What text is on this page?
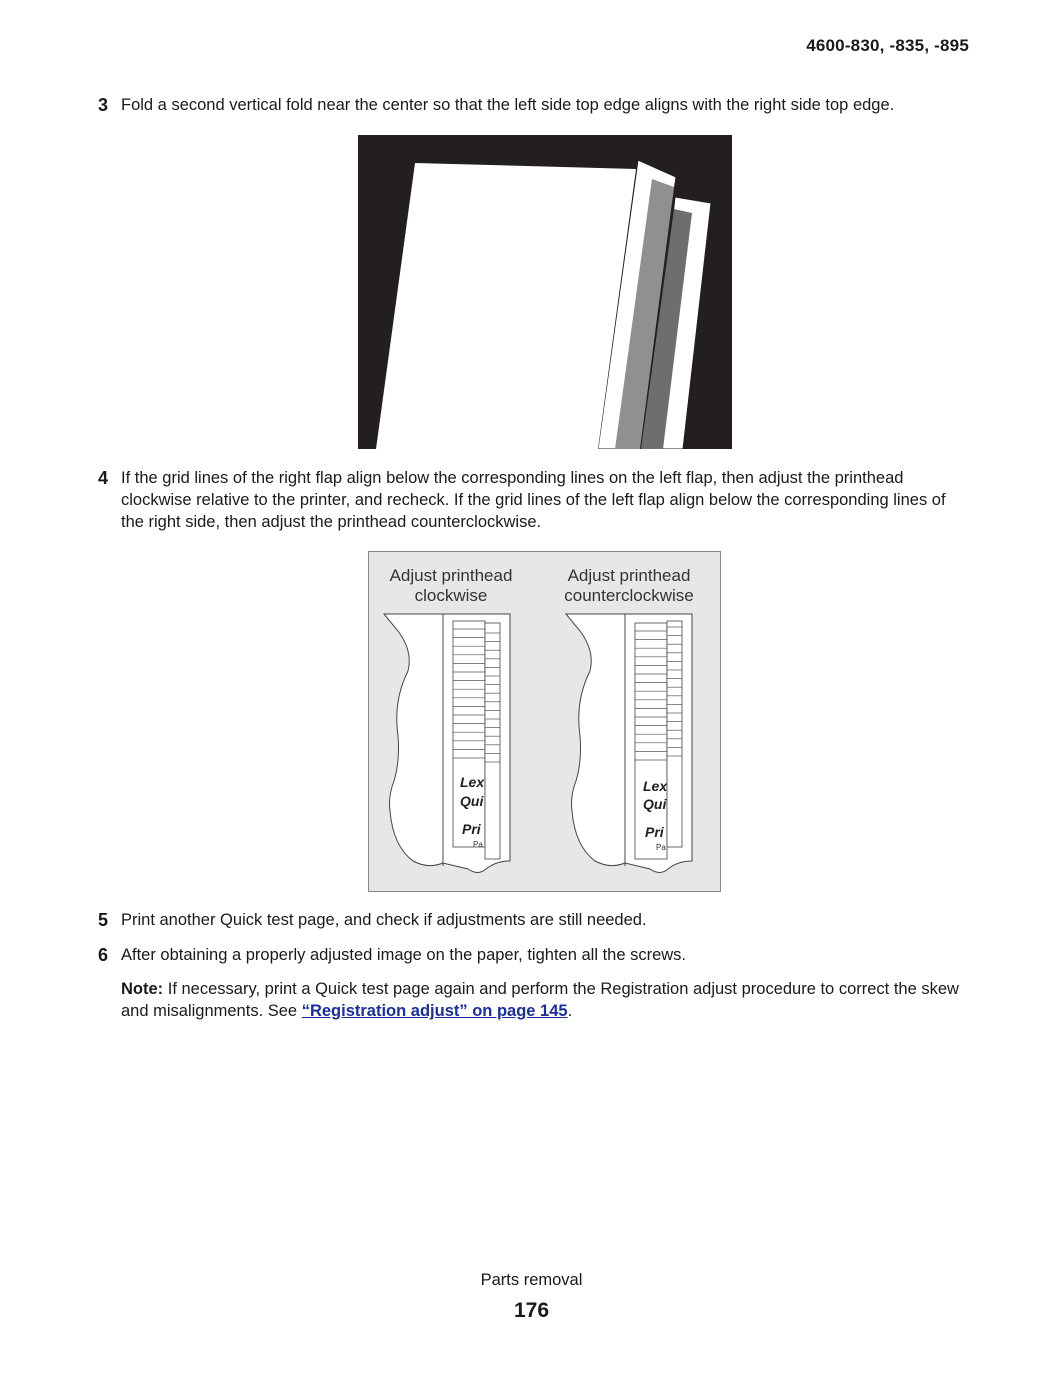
4600-830, -835, -895
3 Fold a second vertical fold near the center so that the left side top edge aligns with the right side top edge.
4 If the grid lines of the right flap align below the corresponding lines on the left flap, then adjust the printhead clockwise relative to the printer, and recheck. If the grid lines of the left flap align below the corresponding lines of the right side, then adjust the printhead counterclockwise.
Adjust printhead
clockwise
Adjust printhead
counterclockwise
Lex
Qui
Pri
Pa
Lex
Qui
Pri
Pa
5 Print another Quick test page, and check if adjustments are still needed.
6 After obtaining a properly adjusted image on the paper, tighten all the screws.
Note: If necessary, print a Quick test page again and perform the Registration adjust procedure to correct the skew and misalignments. See “Registration adjust” on page 145.
Parts removal
176
